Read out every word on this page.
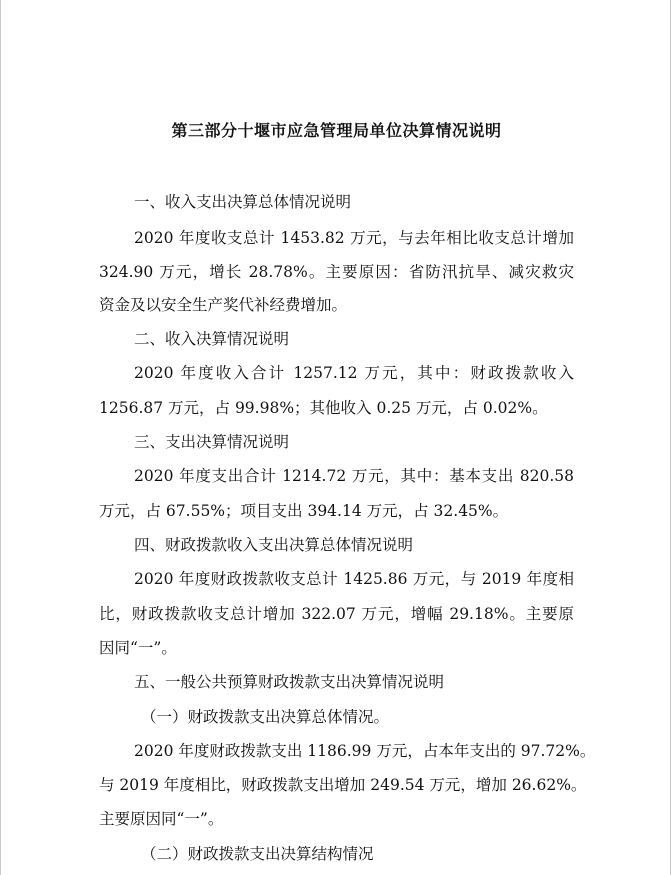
第三部分十堰市应急管理局单位决算情况说明

一、收入支出决算总体情况说明

2020 年度收支总计 1453.82 万元，与去年相比收支总计增加

324.90 万元，增长 28.78%。主要原因：省防汛抗旱、减灾救灾

资金及以安全生产奖代补经费增加。

二、收入决算情况说明

2020 年度收入合计 1257.12 万元，其中：财政拨款收入

1256.87 万元，占 99.98%；其他收入 0.25 万元，占 0.02%。

三、支出决算情况说明

2020 年度支出合计 1214.72 万元，其中：基本支出 820.58

万元，占 67.55%；项目支出 394.14 万元，占 32.45%。

四、财政拨款收入支出决算总体情况说明

2020 年度财政拨款收支总计 1425.86 万元，与 2019 年度相

比，财政拨款收支总计增加 322.07 万元，增幅 29.18%。主要原

因同“一”。

五、一般公共预算财政拨款支出决算情况说明

（一）财政拨款支出决算总体情况。

2020 年度财政拨款支出 1186.99 万元，占本年支出的 97.72%。

与 2019 年度相比，财政拨款支出增加 249.54 万元，增加 26.62%。

主要原因同“一”。

（二）财政拨款支出决算结构情况
